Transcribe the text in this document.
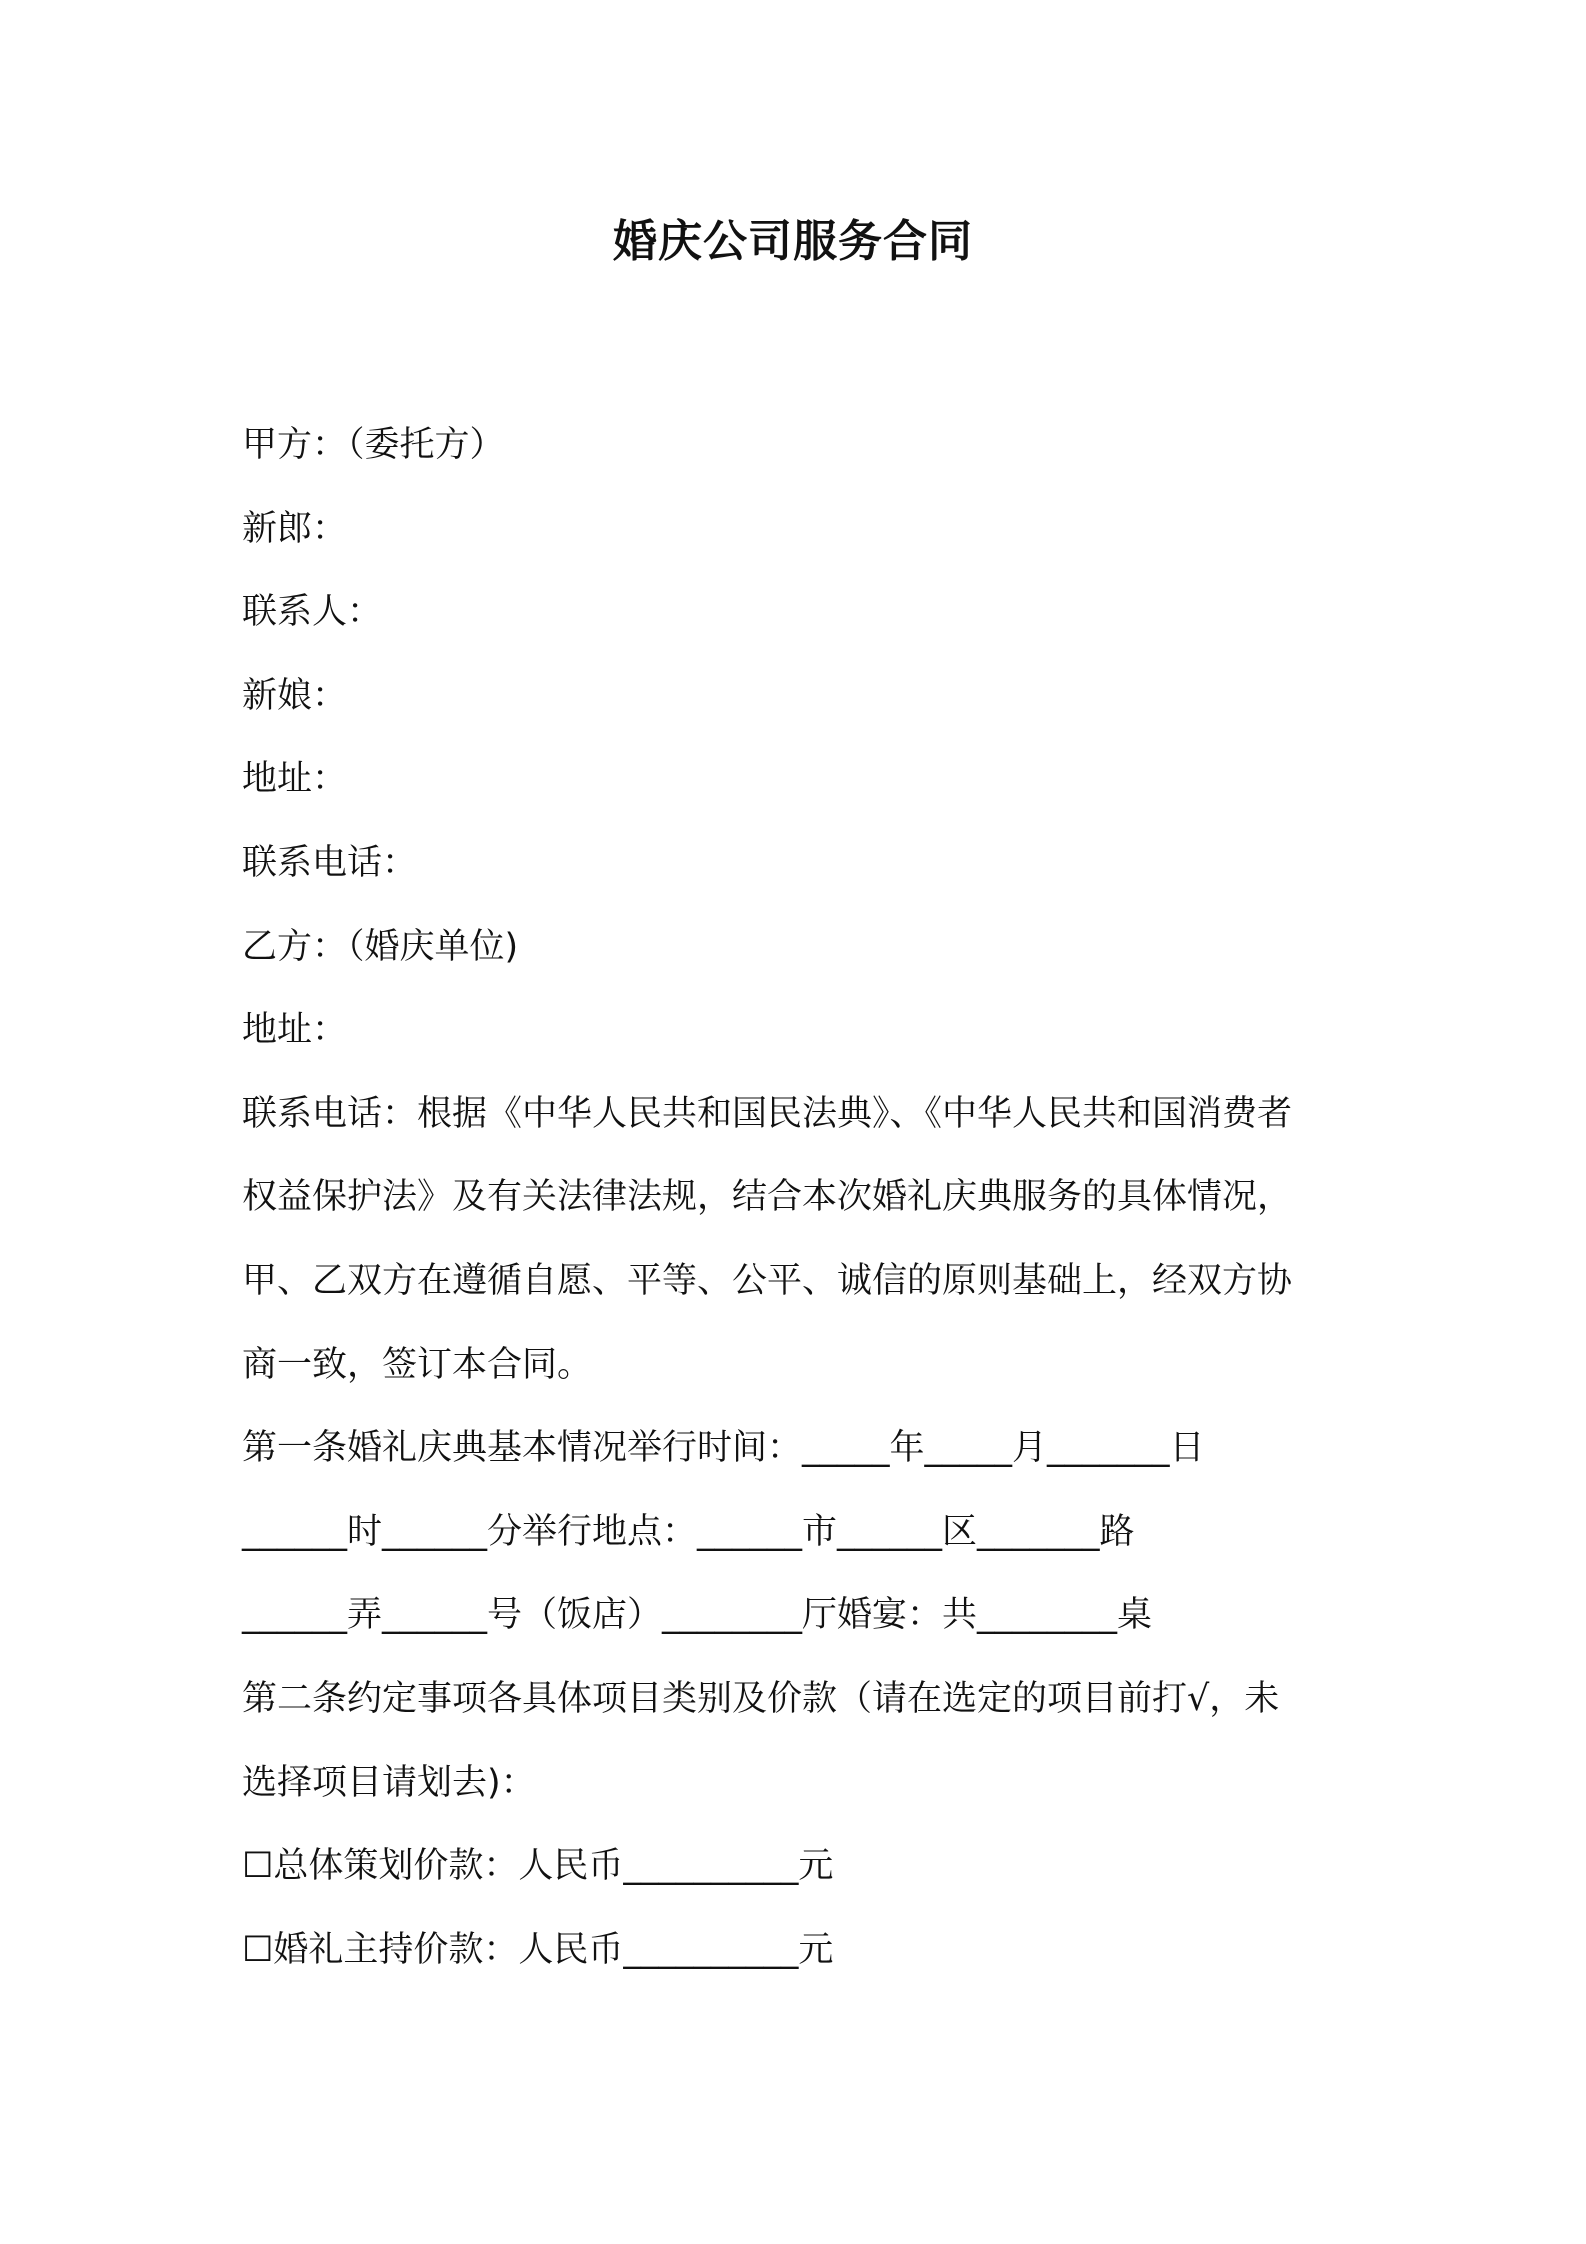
婚庆公司服务合同
甲方：（委托方）
新郎：
联系人：
新娘：
地址：
联系电话：
乙方：（婚庆单位)
地址：
联系电话：根据《中华人民共和国民法典》、《中华人民共和国消费者
权益保护法》及有关法律法规，结合本次婚礼庆典服务的具体情况，
甲、乙双方在遵循自愿、平等、公平、诚信的原则基础上，经双方协
商一致，签订本合同。
第一条婚礼庆典基本情况举行时间：_____年_____月_______日
______时______分举行地点：______市______区_______路
______弄______号（饭店）________厅婚宴：共________桌
第二条约定事项各具体项目类别及价款（请在选定的项目前打√，未
选择项目请划去)：
☐总体策划价款：人民币__________元
☐婚礼主持价款：人民币__________元
